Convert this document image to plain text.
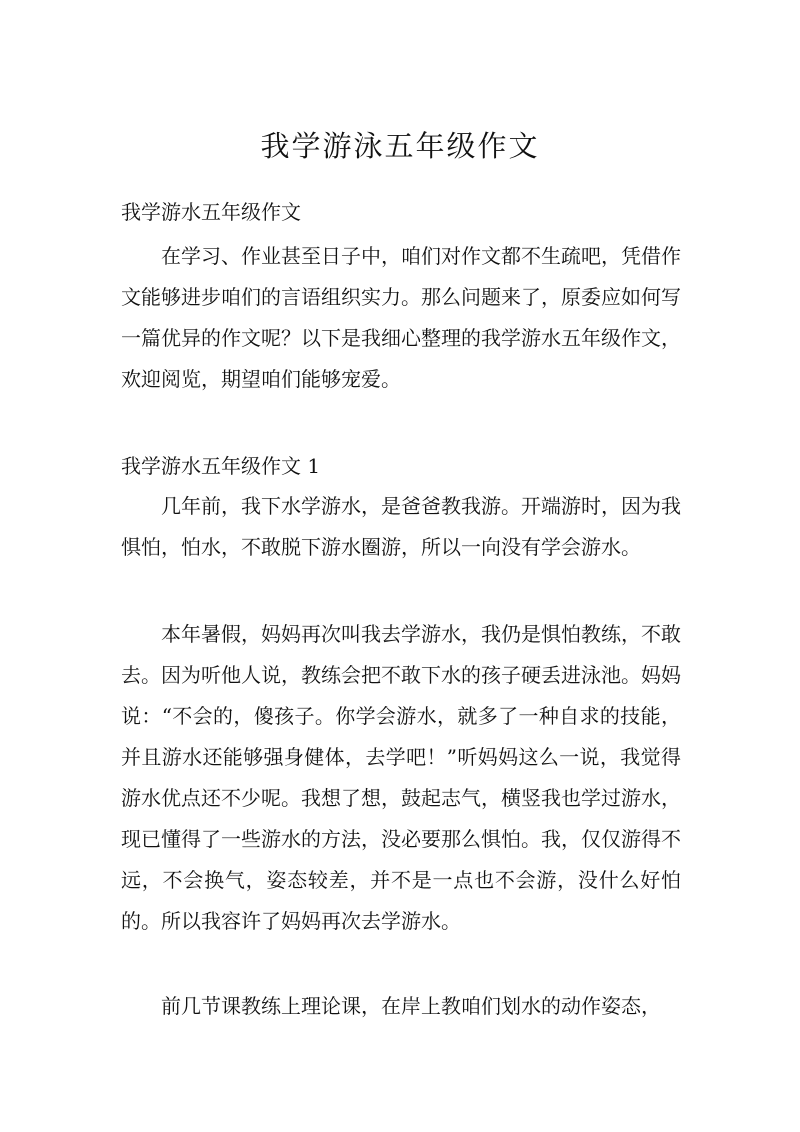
我学游泳五年级作文
我学游水五年级作文

在学习、作业甚至日子中，咱们对作文都不生疏吧，凭借作文能够进步咱们的言语组织实力。那么问题来了，原委应如何写一篇优异的作文呢？以下是我细心整理的我学游水五年级作文，欢迎阅览，期望咱们能够宠爱。

我学游水五年级作文 1

几年前，我下水学游水，是爸爸教我游。开端游时，因为我惧怕，怕水，不敢脱下游水圈游，所以一向没有学会游水。

本年暑假，妈妈再次叫我去学游水，我仍是惧怕教练，不敢去。因为听他人说，教练会把不敢下水的孩子硬丢进泳池。妈妈说：“不会的，傻孩子。你学会游水，就多了一种自求的技能，并且游水还能够强身健体，去学吧！”听妈妈这么一说，我觉得游水优点还不少呢。我想了想，鼓起志气，横竖我也学过游水，现已懂得了一些游水的方法，没必要那么惧怕。我，仅仅游得不远，不会换气，姿态较差，并不是一点也不会游，没什么好怕的。所以我容许了妈妈再次去学游水。

前几节课教练上理论课，在岸上教咱们划水的动作姿态，
